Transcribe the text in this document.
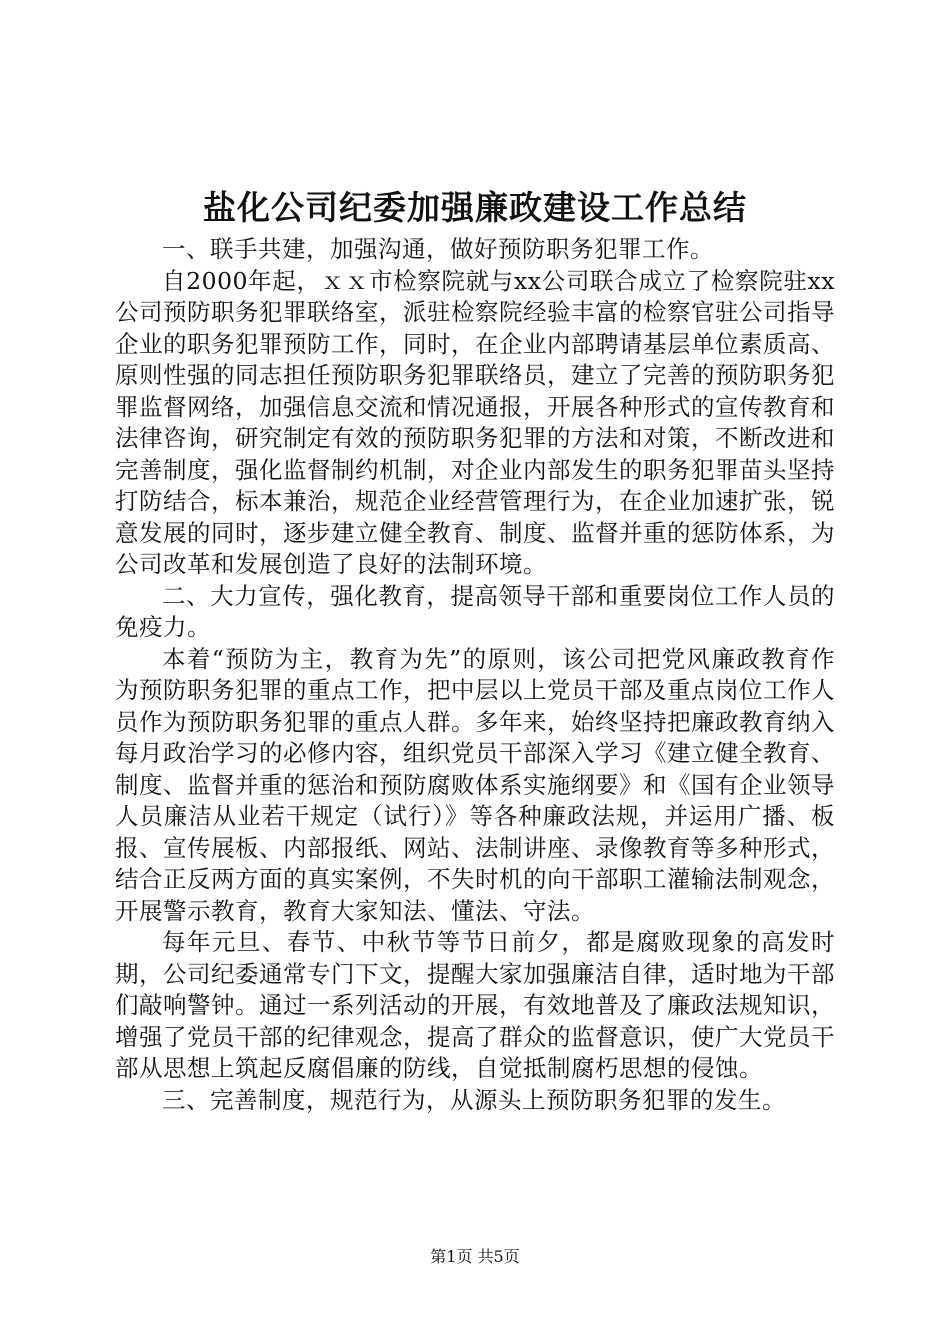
盐化公司纪委加强廉政建设工作总结

一、联手共建，加强沟通，做好预防职务犯罪工作。

自2000年起，ｘｘ市检察院就与xx公司联合成立了检察院驻xx公司预防职务犯罪联络室，派驻检察院经验丰富的检察官驻公司指导企业的职务犯罪预防工作，同时，在企业内部聘请基层单位素质高、原则性强的同志担任预防职务犯罪联络员，建立了完善的预防职务犯罪监督网络，加强信息交流和情况通报，开展各种形式的宣传教育和法律咨询，研究制定有效的预防职务犯罪的方法和对策，不断改进和完善制度，强化监督制约机制，对企业内部发生的职务犯罪苗头坚持打防结合，标本兼治，规范企业经营管理行为，在企业加速扩张，锐意发展的同时，逐步建立健全教育、制度、监督并重的惩防体系，为公司改革和发展创造了良好的法制环境。

二、大力宣传，强化教育，提高领导干部和重要岗位工作人员的免疫力。

本着“预防为主，教育为先”的原则，该公司把党风廉政教育作为预防职务犯罪的重点工作，把中层以上党员干部及重点岗位工作人员作为预防职务犯罪的重点人群。多年来，始终坚持把廉政教育纳入每月政治学习的必修内容，组织党员干部深入学习《建立健全教育、制度、监督并重的惩治和预防腐败体系实施纲要》和《国有企业领导人员廉洁从业若干规定（试行）》等各种廉政法规，并运用广播、板报、宣传展板、内部报纸、网站、法制讲座、录像教育等多种形式，结合正反两方面的真实案例，不失时机的向干部职工灌输法制观念，开展警示教育，教育大家知法、懂法、守法。

每年元旦、春节、中秋节等节日前夕，都是腐败现象的高发时期，公司纪委通常专门下文，提醒大家加强廉洁自律，适时地为干部们敲响警钟。通过一系列活动的开展，有效地普及了廉政法规知识，增强了党员干部的纪律观念，提高了群众的监督意识，使广大党员干部从思想上筑起反腐倡廉的防线，自觉抵制腐朽思想的侵蚀。

三、完善制度，规范行为，从源头上预防职务犯罪的发生。

第1页 共5页
